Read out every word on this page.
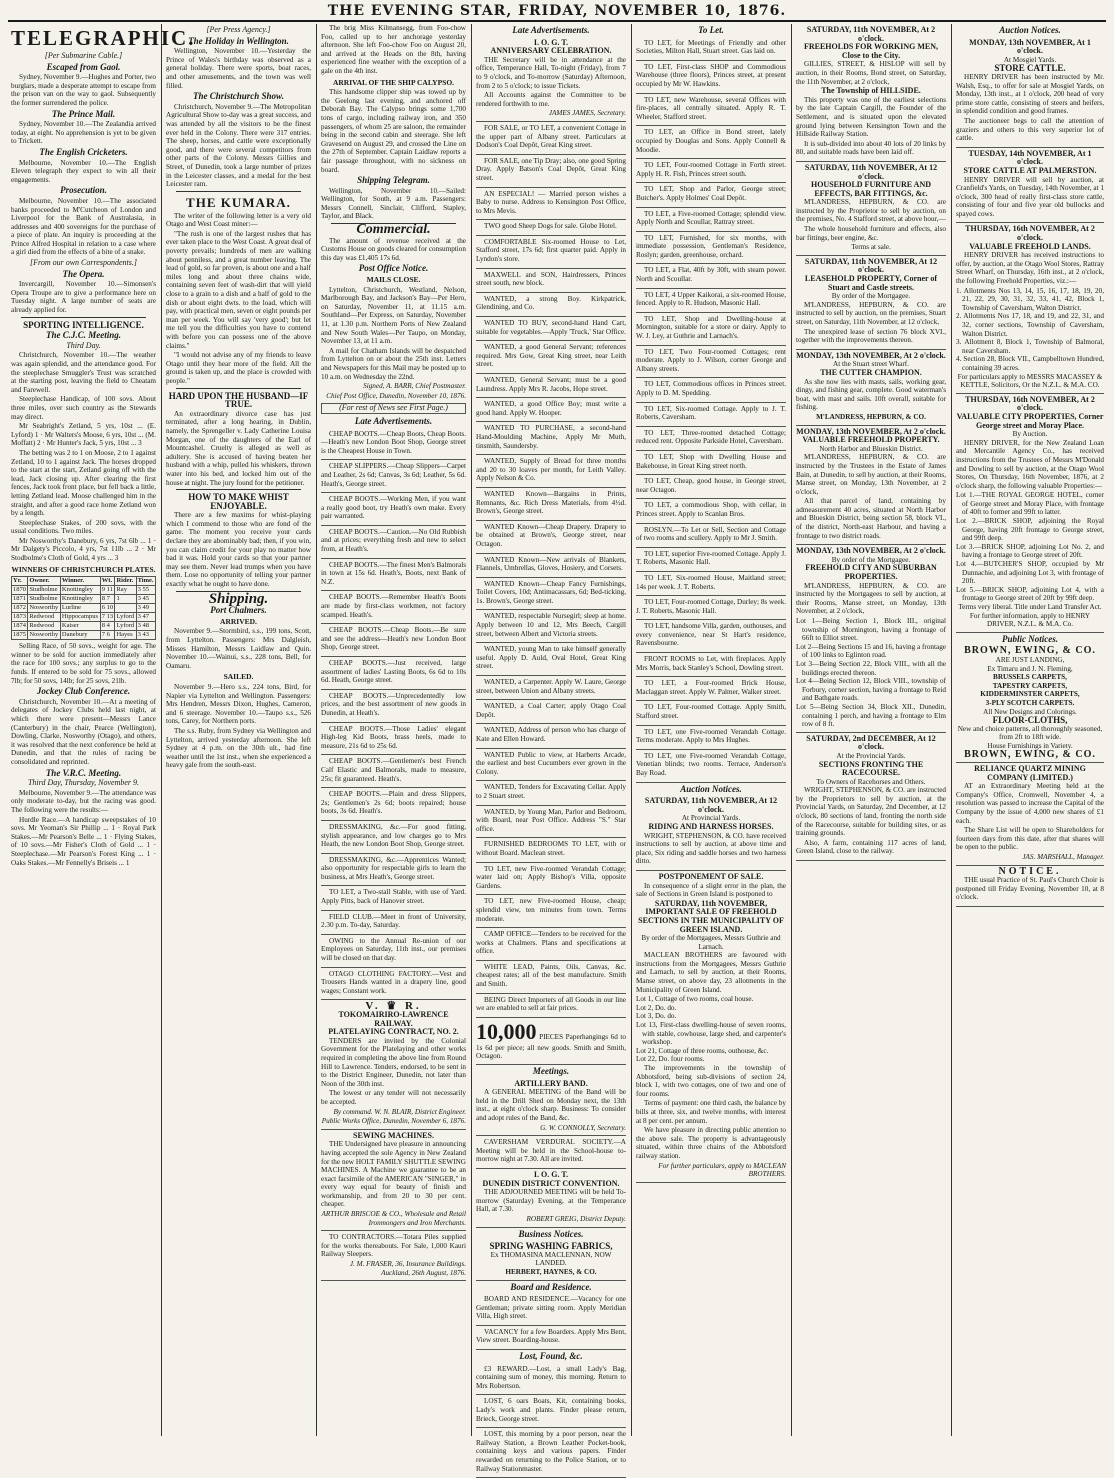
THE EVENING STAR, FRIDAY, NOVEMBER 10, 1876.
TELEGRAPHIC.
[Per Submarine Cable.]
Escaped from Gaol.

Sydney, November 9.—Hughes and Porter, two burglars, made a desperate attempt to escape from the prison van on the way to gaol. Subsequently the former surrendered the police.

The Prince Mail.

Sydney, November 10.—The Zealandia arrived today, at eight. No apprehension is yet to be given to Trickett.

The English Cricketers.

Melbourne, November 10.—The English Eleven telegraph they expect to win all their engagements.

Prosecution.

Melbourne, November 10.—The associated banks proceeded to M'Cutcheon of London and Liverpool for the Bank of Australasia, in addresses and 400 sovereigns for the purchase of a piece of plate. An inquiry is proceeding at the Prince Alfred Hospital in relation to a case where a girl died from the effects of a bite of a snake.

[From our own Correspondents.]
The Opera.

Invercargill, November 10.—Simonsen's Opera Troupe are to give a performance here on Tuesday night. A large number of seats are already applied for.

SPORTING INTELLIGENCE.
The C.J.C. Meeting.
Third Day.

Christchurch, November 10.—The weather was again splendid, and the attendance good. For the steeplechase Smuggler's Trust was scratched at the starting post, leaving the field to Cheatam and Farewell.

Steeplechase Handicap, of 100 sovs. About three miles, over such country as the Stewards may direct.

Mr Seabright's Zetland, 5 yrs, 10st ... (E. Lyford) 1 · Mr Walters's Moose, 6 yrs, 10st ... (M. Moffatt) 2 · Mr Hunter's Jack, 5 yrs, 10st ... 3

The betting was 2 to 1 on Moose, 2 to 1 against Zetland, 10 to 1 against Jack. The horses dropped to the start at the start, Zetland going off with the lead, Jack closing up. After clearing the first fences, Jack took front place, but fell back a little, letting Zetland lead. Moose challenged him in the straight, and after a good race home Zetland won by a length.

Steeplechase Stakes, of 200 sovs, with the usual conditions. Two miles.

Mr Nosworthy's Danebury, 6 yrs, 7st 6lb ... 1 · Mr Dalgety's Piccolo, 4 yrs, 7st 11lb ... 2 · Mr Stodbolme's Cloth of Gold, 4 yrs ... 3

WINNERS OF CHRISTCHURCH PLATES.
Yr.	Owner.	Winner.	Wt.	Rider.	Time.
1870	Studholme	Knottingley	9 11	Ray	3 55
1871	Studholme	Knottingley	8 7	1	3 45
1872	Nosworthy	Lurline	6 10		3 49
1873	Redwood	Hippocampus	7 13	Lyford	3 47
1874	Redwood	Kaiser	8 4	Lyford	3 48
1875	Nosworthy	Danebury	7 6	Hayes	3 43

Selling Race, of 50 sovs., weight for age. The winner to be sold for auction immediately after the race for 100 sovs.; any surplus to go to the funds. If entered to be sold for 75 sovs., allowed 7lb; for 50 sovs, 14lb; for 25 sovs, 21lb.

Jockey Club Conference.

Christchurch, November 10.—At a meeting of delegates of Jockey Clubs held last night, at which there were present—Messrs Lance (Canterbury) in the chair, Pearce (Wellington), Dowling, Clarke, Nosworthy (Otago), and others, it was resolved that the next conference be held at Dunedin, and that the rules of racing be consolidated and reprinted.

The V.R.C. Meeting.
Third Day, Thursday, November 9.

Melbourne, November 9.—The attendance was only moderate to-day, but the racing was good. The following were the results:—

Hurdle Race.—A handicap sweepstakes of 10 sovs. Mr Yeoman's Sir Phillip ... 1 · Royal Park Stakes.—Mr Pearson's Belle ... 1 · Flying Stakes, of 10 sovs.—Mr Fisher's Cloth of Gold ... 1 · Steeplechase.—Mr Pearson's Forest King ... 1 · Oaks Stakes.—Mr Fennelly's Briseis ... 1

[Per Press Agency.]
The Holiday in Wellington.

Wellington, November 10.—Yesterday the Prince of Wales's birthday was observed as a general holiday. There were sports, boat races, and other amusements, and the town was well filled.

The Christchurch Show.

Christchurch, November 9.—The Metropolitan Agricultural Show to-day was a great success, and was attended by all the visitors to be the finest ever held in the Colony. There were 317 entries. The sheep, horses, and cattle were exceptionally good, and there were several competitors from other parts of the Colony. Messrs Gillies and Street, of Dunedin, took a large number of prizes in the Leicester classes, and a medal for the best Leicester ram.

THE KUMARA.

The writer of the following letter is a very old Otago and West Coast miner:—

"The rush is one of the largest rushes that has ever taken place to the West Coast. A great deal of poverty prevails; hundreds of men are walking about penniless, and a great number leaving. The lead of gold, so far proven, is about one and a half miles long and about three chains wide, containing seven feet of wash-dirt that will yield close to a grain to a dish and a half of gold to the dish or about eight dwts. to the load, which will pay, with practical men, seven or eight pounds per man per week. You will say 'very good'; but let me tell you the difficulties you have to contend with before you can possess one of the above claims."

"I would not advise any of my friends to leave Otago until they hear more of the field. All the ground is taken up, and the place is crowded with people."

HARD UPON THE HUSBAND—IF TRUE.

An extraordinary divorce case has just terminated, after a long hearing, in Dublin, namely, the Sprengeller v. Lady Catherine Louisa Morgan, one of the daughters of the Earl of Mountcashel. Cruelty is alleged as well as adultery. She is accused of having beaten her husband with a whip, pulled his whiskers, thrown water into his bed, and locked him out of the house at night. The jury found for the petitioner.

HOW TO MAKE WHIST ENJOYABLE.

There are a few maxims for whist-playing which I commend to those who are fond of the game. The moment you receive your cards declare they are abominably bad; then, if you win, you can claim credit for your play no matter how bad it was. Hold your cards so that your partner may see them. Never lead trumps when you have them. Lose no opportunity of telling your partner exactly what he ought to have done.

Shipping.
Port Chalmers.
ARRIVED.

November 9.—Stormbird, s.s., 199 tons, Scott, from Lyttelton. Passengers: Mrs Dalgleish, Misses Hamilton, Messrs Laidlaw and Quin. November 10.—Wainui, s.s., 228 tons, Bell, for Oamaru.

SAILED.

November 9.—Hero s.s., 224 tons, Bird, for Napier via Lyttelton and Wellington. Passengers: Mrs Hendren, Messrs Dixon, Hughes, Cameron, and 6 steerage. November 10.—Taupo s.s., 526 tons, Carey, for Northern ports.

The s.s. Ruby, from Sydney via Wellington and Lyttelton, arrived yesterday afternoon. She left Sydney at 4 p.m. on the 30th ult., had fine weather until the 1st inst., when she experienced a heavy gale from the south-east.

The brig Miss Kilmansegg, from Foo-chow Foo, called up to her anchorage yesterday afternoon. She left Foo-chow Foo on August 20, and arrived at the Heads on the 8th, having experienced fine weather with the exception of a gale on the 4th inst.

ARRIVAL OF THE SHIP CALYPSO.

This handsome clipper ship was towed up by the Geelong last evening, and anchored off Deborah Bay. The Calypso brings some 1,700 tons of cargo, including railway iron, and 350 passengers, of whom 25 are saloon, the remainder being in the second cabin and steerage. She left Gravesend on August 29, and crossed the Line on the 27th of September. Captain Laidlaw reports a fair passage throughout, with no sickness on board.

Shipping Telegram.

Wellington, November 10.—Sailed: Wellington, for South, at 9 a.m. Passengers: Messrs Connell, Sinclair, Clifford, Stapley, Taylor, and Black.

Commercial.

The amount of revenue received at the Customs House on goods cleared for consumption this day was £1,405 17s 6d.

Post Office Notice.
MAILS CLOSE.

Lyttelton, Christchurch, Westland, Nelson, Marlborough Bay, and Jackson's Bay—Per Hero, on Saturday, November 11, at 11.15 a.m. Southland—Per Express, on Saturday, November 11, at 1.30 p.m. Northern Ports of New Zealand and New South Wales—Per Taupo, on Monday, November 13, at 11 a.m.

A mail for Chatham Islands will be despatched from Lyttelton on or about the 25th inst. Letters and Newspapers for this Mail may be posted up to 10 a.m. on Wednesday the 22nd.

Signed, A. BARR, Chief Postmaster.
Chief Post Office, Dunedin, November 10, 1876.
(For rest of News see First Page.)
Late Advertisements.

CHEAP BOOTS.—Cheap Boots, Cheap Boots.—Heath's new London Boot Shop, George street is the Cheapest House in Town.

CHEAP SLIPPERS.—Cheap Slippers—Carpet and Leather, 2s 6d; Canvas, 3s 6d; Leather, 5s 6d. Heath's, George street.

CHEAP BOOTS.—Working Men, if you want a really good boot, try Heath's own make. Every pair warranted.

CHEAP BOOTS.—Caution.—No Old Rubbish and at prices; everything fresh and new to select from, at Heath's.

CHEAP BOOTS.—The finest Men's Balmorals in town at 15s 6d. Heath's, Boots, next Bank of N.Z.

CHEAP BOOTS.—Remember Heath's Boots are made by first-class workmen, not factory scamped. Heath's.

CHEAP BOOTS.—Cheap Boots.—Be sure and see the address—Heath's new London Boot Shop, George street.

CHEAP BOOTS.—Just received, large assortment of ladies' Lasting Boots, 6s 6d to 10s 6d. Heath, George street.

CHEAP BOOTS.—Unprecedentedly low prices, and the best assortment of new goods in Dunedin, at Heath's.

CHEAP BOOTS.—Those Ladies' elegant High-leg Kid Boots, brass heels, made to measure, 21s 6d to 25s 6d.

CHEAP BOOTS.—Gentlemen's best French Calf Elastic and Balmorals, made to measure, 25s; fit guaranteed. Heath's.

CHEAP BOOTS.—Plain and dress Slippers, 2s; Gentlemen's 2s 6d; boots repaired; house boots, 3s 6d. Heath's.

DRESSMAKING, &c.—For good fitting, stylish appearance, and low charges go to Mrs Heath, the new London Boot Shop, George street.

DRESSMAKING, &c.—Apprentices Wanted; also opportunity for respectable girls to learn the business, at Mrs Heath's, George street.

TO LET, a Two-stall Stable, with use of Yard. Apply Pitts, back of Hanover street.

FIELD CLUB.—Meet in front of University, 2.30 p.m. To-day, Saturday.

OWING to the Annual Re-union of our Employees on Saturday, 11th inst., our premises will be closed on that day.

OTAGO CLOTHING FACTORY.—Vest and Trousers Hands wanted in a drapery line, good wages; Constant work.

V. ♛ R.
TOKOMAIRIRO-LAWRENCE RAILWAY.
PLATELAYING CONTRACT, NO. 2.

TENDERS are invited by the Colonial Government for the Platelaying and other works required in completing the above line from Round Hill to Lawrence. Tenders, endorsed, to be sent in to the District Engineer, Dunedin, not later than Noon of the 30th inst.

The lowest or any tender will not necessarily be accepted.

By command. W. N. BLAIR, District Engineer.
Public Works Office, Dunedin, November 6, 1876.
SEWING MACHINES.

THE Undersigned have pleasure in announcing having accepted the sole Agency in New Zealand for the new HOLT FAMILY SHUTTLE SEWING MACHINES. A Machine we guarantee to be an exact facsimile of the AMERICAN "SINGER," in every way equal for beauty of finish and workmanship, and from 20 to 30 per cent. cheaper.

ARTHUR BRISCOE & CO., Wholesale and Retail Ironmongers and Iron Merchants.

TO CONTRACTORS.—Totara Piles supplied for the works thereabouts. For Sale, 1,000 Kauri Railway Sleepers.

J. M. FRASER, 36, Insurance Buildings. Auckland, 26th August, 1876.
Late Advertisements.
I. O. G. T.
ANNIVERSARY CELEBRATION.

THE Secretary will be in attendance at the office, Temperance Hall, To-night (Friday), from 7 to 9 o'clock, and To-morrow (Saturday) Afternoon, from 2 to 5 o'clock; to issue Tickets.

All Accounts against the Committee to be rendered forthwith to me.

JAMES JAMES, Secretary.

FOR SALE, or TO LET, a convenient Cottage in the upper part of Albany street. Particulars at Dodson's Coal Depôt, Great King street.

FOR SALE, one Tip Dray; also, one good Spring Dray. Apply Batson's Coal Depôt, Great King street.

AN ESPECIAL! — Married person wishes a Baby to nurse. Address to Kensington Post Office, to Mrs Mevis.

TWO good Sheep Dogs for sale. Globe Hotel.

COMFORTABLE Six-roomed House to Let, Stafford street, 17s 6d; first quarter paid. Apply in Lyndon's store.

MAXWELL and SON, Hairdressers, Princes street south, new block.

WANTED, a strong Boy. Kirkpatrick, Glendining, and Co.

WANTED TO BUY, second-hand Hand Cart, suitable for vegetables.—Apply 'Truck,' Star Office.

WANTED, a good General Servant; references required. Mrs Gow, Great King street, near Leith street.

WANTED, General Servant; must be a good Laundress. Apply Mrs R. Jacobs, Hope street.

WANTED, a good Office Boy; must write a good hand. Apply W. Hooper.

WANTED TO PURCHASE, a second-hand Hand-Moulding Machine, Apply Mr Muth, tinsmith, Saundersby.

WANTED, Supply of Bread for three months and 20 to 30 loaves per month, for Leith Valley. Apply Nelson & Co.

WANTED Known—Bargains in Prints, Remnants, &c. Rich Dress Materials, from 4½d. Brown's, George street.

WANTED Known—Cheap Drapery. Drapery to be obtained at Brown's, George street, near Octagon.

WANTED Known—New arrivals of Blankets, Flannels, Umbrellas, Gloves, Hosiery, and Corsets.

WANTED Known—Cheap Fancy Furnishings, Toilet Covers, 10d; Antimacassars, 6d; Bed-ticking, 1s. Brown's, George street.

WANTED, respectable Nursegirl; sleep at home. Apply between 10 and 12, Mrs Beech, Cargill street, between Albert and Victoria streets.

WANTED, young Man to take himself generally useful. Apply D. Auld, Oval Hotel, Great King street.

WANTED, a Carpenter. Apply W. Laure, George street, between Union and Albany streets.

WANTED, a Coal Carter; apply Otago Coal Depôt.

WANTED, Address of person who has charge of Kate and Ellen Howard.

WANTED Public to view, at Harberts Arcade, the earliest and best Cucumbers ever grown in the Colony.

WANTED, Tenders for Excavating Cellar. Apply to 2 Stuart street.

WANTED, by Young Man, Parlor and Bedroom, with Board, near Post Office. Address "S." Star office.

FURNISHED BEDROOMS TO LET, with or without Board. Maclean street.

TO LET, new Five-roomed Verandah Cottage; water laid on; Apply Bishop's Villa, opposite Gardens.

TO LET, new Five-roomed House, cheap; splendid view, ten minutes from town. Terms moderate.

CAMP OFFICE—Tenders to be received for the works at Chalmers. Plans and specifications at office.

WHITE LEAD, Paints, Oils, Canvas, &c. cheapest rates; all of the best manufacture. Smith and Smith.

BEING Direct Importers of all Goods in our line we are enabled to sell at fair prices.

10,000 PIECES Paperhangings 6d to 1s 6d per piece; all new goods. Smith and Smith, Octagon.
Meetings.
ARTILLERY BAND.

A GENERAL MEETING of the Band will be held in the Drill Shed on Monday next, the 13th inst., at eight o'clock sharp. Business: To consider and adopt rules of the Band, &c.

G. W. CONNOLLY, Secretary.

CAVERSHAM VERDURAL SOCIETY.—A Meeting will be held in the School-house to-morrow night at 7.30. All are invited.

I. O. G. T.
DUNEDIN DISTRICT CONVENTION.

THE ADJOURNED MEETING will be held To-morrow (Saturday) Evening, at the Temperance Hall, at 7.30.

ROBERT GREIG, District Deputy.
Business Notices.
SPRING WASHING FABRICS,
Ex THOMASINA MACLENNAN, NOW LANDED.
HERBERT, HAYNES, & CO.
Board and Residence.

BOARD AND RESIDENCE.—Vacancy for one Gentleman; private sitting room. Apply Meridian Villa, High street.

VACANCY for a few Boarders. Apply Mrs Bent, View street. Boarding-house.

Lost, Found, &c.

£3 REWARD.—Lost, a small Lady's Bag, containing sum of money, this morning. Return to Mrs Robertson.

LOST, 6 oars Boats, Kit, containing books, Lady's work and plants. Finder please return, Brieck, George street.

LOST, this morning by a poor person, near the Railway Station, a Brown Leather Pocket-book, containing keys and various papers. Finder rewarded on returning to the Police Station, or to Railway Stationmaster.

To Let.

TO LET, for Meetings of Friendly and other Societies, Milton Hall, Stuart street. Gas laid on.

TO LET, First-class SHOP and Commodious Warehouse (three floors), Princes street, at present occupied by Mr W. Hawkins.

TO LET, new Warehouse, several Offices with fire-places, all centrally situated. Apply R. T. Wheeler, Stafford street.

TO LET, an Office in Bond street, lately occupied by Douglas and Sons. Apply Connell & Moodie.

TO LET, Four-roomed Cottage in Forth street. Apply H. R. Fish, Princes street south.

TO LET, Shop and Parlor, George street; Butcher's. Apply Holmes' Coal Depôt.

TO LET, a Five-roomed Cottage; splendid view. Apply North and Scoullar, Rattray street.

TO LET, Furnished, for six months, with immediate possession, Gentleman's Residence, Roslyn; garden, greenhouse, orchard.

TO LET, a Flat, 40ft by 30ft, with steam power. North and Scoullar.

TO LET, 4 Upper Kaikorai, a six-roomed House, fenced. Apply to R. Hudson, Masonic Hall.

TO LET, Shop and Dwelling-house at Mornington, suitable for a store or dairy. Apply to W. J. Ley, at Guthrie and Larnach's.

TO LET, Two Four-roomed Cottages; rent moderate. Apply to J. Wilson, corner George and Albany streets.

TO LET, Commodious offices in Princes street. Apply to D. M. Spedding.

TO LET, Six-roomed Cottage. Apply to J. T. Roberts, Caversham.

TO LET, Three-roomed detached Cottage; reduced rent. Opposite Parkside Hotel, Caversham.

TO LET, Shop with Dwelling House and Bakehouse, in Great King street north.

TO LET, Cheap, good house, in George street, near Octagon.

TO LET, a commodious Shop, with cellar, in Princes street. Apply to Scanlan Bros.

ROSLYN.—To Let or Sell, Section and Cottage of two rooms and scullery. Apply to Mr J. Smith.

TO LET, superior Five-roomed Cottage. Apply J. T. Roberts, Masonic Hall.

TO LET, Six-roomed House, Maitland street; 14s per week. J. T. Roberts.

TO LET, Four-roomed Cottage, Durley; 8s week. J. T. Roberts, Masonic Hall.

TO LET, handsome Villa, garden, outhouses, and every convenience, near St Hart's residence, Ravensbourne.

FRONT ROOMS to Let, with fireplaces. Apply Mrs Morris, back Stanley's School, Dowling street.

TO LET, a Four-roomed Brick House, Maclaggan street. Apply W. Palmer, Walker street.

TO LET, Four-roomed Cottage. Apply Smith, Stafford street.

TO LET, one Five-roomed Verandah Cottage. Terms moderate. Apply to Mrs Hughes.

TO LET, one Five-roomed Verandah Cottage, Venetian blinds; two rooms. Terrace, Anderson's Bay Road.

Auction Notices.
SATURDAY, 11th NOVEMBER, At 12 o'clock.
At Provincial Yards.
RIDING AND HARNESS HORSES.

WRIGHT, STEPHENSON, & CO. have received instructions to sell by auction, at above time and place, Six riding and saddle horses and two harness ditto.

POSTPONEMENT OF SALE.

In consequence of a slight error in the plan, the sale of Sections in Green Island is postponed to

SATURDAY, 11th NOVEMBER,
IMPORTANT SALE OF FREEHOLD SECTIONS IN THE MUNICIPALITY OF GREEN ISLAND.
By order of the Mortgagees, Messrs Guthrie and Larnach.

MACLEAN BROTHERS are favoured with instructions from the Mortgagees, Messrs Guthrie and Larnach, to sell by auction, at their Rooms, Manse street, on above day, 23 allotments in the Municipality of Green Island.

Lot 1, Cottage of two rooms, coal house.
Lot 2, Do. do.
Lot 3, Do. do.
Lot 13, First-class dwelling-house of seven rooms, with stable, cowhouse, large shed, and carpenter's workshop.
Lot 21, Cottage of three rooms, outhouse, &c.
Lot 22, Do. four rooms.

The improvements in the township of Abbotsford, being sub-divisions of section 24, block 1, with two cottages, one of two and one of four rooms.

Terms of payment: one third cash, the balance by bills at three, six, and twelve months, with interest at 8 per cent. per annum.

We have pleasure in directing public attention to the above sale. The property is advantageously situated, within three chains of the Abbotsford railway station.

For further particulars, apply to MACLEAN BROTHERS.
SATURDAY, 11th NOVEMBER, At 2 o'clock.
FREEHOLDS FOR WORKING MEN, Close to the City.

GILLIES, STREET, & HISLOP will sell by auction, in their Rooms, Bond street, on Saturday, the 11th November, at 2 o'clock,

The Township of HILLSIDE.

This property was one of the earliest selections by the late Captain Cargill, the Founder of the Settlement, and is situated upon the elevated ground lying between Kensington Town and the Hillside Railway Station.

It is sub-divided into about 40 lots of 20 links by 80, and suitable roads have been laid off.

SATURDAY, 11th NOVEMBER, At 12 o'clock.
HOUSEHOLD FURNITURE AND EFFECTS, BAR FITTINGS, &c.

M'LANDRESS, HEPBURN, & CO. are instructed by the Proprietor to sell by auction, on the premises, No. 4 Stafford street, at above hour,—

The whole household furniture and effects, also bar fittings, beer engine, &c.

Terms at sale.
SATURDAY, 11th NOVEMBER, At 12 o'clock.
LEASEHOLD PROPERTY, Corner of Stuart and Castle streets.
By order of the Mortgagee.

M'LANDRESS, HEPBURN, & CO. are instructed to sell by auction, on the premises, Stuart street, on Saturday, 11th November, at 12 o'clock,

The unexpired lease of section 76 block XVI., together with the improvements thereon.

MONDAY, 13th NOVEMBER, At 2 o'clock.
At the Stuart street Wharf.
THE CUTTER CHAMPION.

As she now lies with masts, sails, working gear, dingy, and fishing gear, complete. Good waterman's boat, with mast and sails. 10ft overall, suitable for fishing.

M'LANDRESS, HEPBURN, & CO.
MONDAY, 13th NOVEMBER, At 2 o'clock.
VALUABLE FREEHOLD PROPERTY.
North Harbor and Blueskin District.

M'LANDRESS, HEPBURN, & CO. are instructed by the Trustees in the Estate of James Bain, at Dunedin, to sell by auction, at their Rooms, Manse street, on Monday, 13th November, at 2 o'clock,

All that parcel of land, containing by admeasurement 40 acres, situated at North Harbor and Blueskin District, being section 58, block VI., of the district, North-east Harbour, and having a frontage to two district roads.

MONDAY, 13th NOVEMBER, At 2 o'clock.
By order of the Mortgagee.
FREEHOLD CITY AND SUBURBAN PROPERTIES.

M'LANDRESS, HEPBURN, & CO. are instructed by the Mortgagees to sell by auction, at their Rooms, Manse street, on Monday, 13th November, at 2 o'clock,

Lot 1—Being Section 1, Block III., original township of Mornington, having a frontage of 66ft to Elliot street.
Lot 2—Being Sections 15 and 16, having a frontage of 100 links to Eglinton road.
Lot 3—Being Section 22, Block VIII., with all the buildings erected thereon.
Lot 4—Being Section 12, Block VIII., township of Forbury, corner section, having a frontage to Reid and Bathgate roads.
Lot 5—Being Section 34, Block XII., Dunedin, containing 1 perch, and having a frontage to Elm row of 8 ft.
SATURDAY, 2nd DECEMBER, At 12 o'clock.
At the Provincial Yards.
SECTIONS FRONTING THE RACECOURSE.
To Owners of Racehorses and Others.

WRIGHT, STEPHENSON, & CO. are instructed by the Proprietors to sell by auction, at the Provincial Yards, on Saturday, 2nd December, at 12 o'clock, 80 sections of land, fronting the north side of the Racecourse, suitable for building sites, or as training grounds.

Also, A farm, containing 117 acres of land, Green Island, close to the railway.

Auction Notices.
MONDAY, 13th NOVEMBER, At 1 o'clock.
At Mosgiel Yards.
STORE CATTLE.

HENRY DRIVER has been instructed by Mr. Walsh, Esq., to offer for sale at Mosgiel Yards, on Monday, 13th inst., at 1 o'clock, 200 head of very prime store cattle, consisting of steers and heifers, in splendid condition and good frames.

The auctioneer begs to call the attention of graziers and others to this very superior lot of cattle.

TUESDAY, 14th NOVEMBER, At 1 o'clock.
STORE CATTLE AT PALMERSTON.

HENRY DRIVER will sell by auction, at Cranfield's Yards, on Tuesday, 14th November, at 1 o'clock, 300 head of really first-class store cattle, consisting of four and five year old bullocks and spayed cows.

THURSDAY, 16th NOVEMBER, At 2 o'clock.
VALUABLE FREEHOLD LANDS.

HENRY DRIVER has received instructions to offer, by auction, at the Otago Wool Stores, Rattray Street Wharf, on Thursday, 16th inst., at 2 o'clock, the following Freehold Properties, viz.:—

1. Allotments Nos 13, 14, 15, 16, 17, 18, 19, 20, 21, 22, 29, 30, 31, 32, 33, 41, 42, Block 1, Township of Caversham, Walton District.
2. Allotments Nos 17, 18, and 19, and 22, 31, and 32, corner sections, Township of Caversham, Walton District.
3. Allotment 8, Block 1, Township of Balmoral, near Caversham.
4. Section 28, Block VII., Campbelltown Hundred, containing 39 acres.
For particulars apply to MESSRS MACASSEY & KETTLE, Solicitors, Or the N.Z.L. & M.A. CO.
THURSDAY, 16th NOVEMBER, At 2 o'clock.
VALUABLE CITY PROPERTIES, Corner George street and Moray Place.
By Auction.

HENRY DRIVER, for the New Zealand Loan and Mercantile Agency Co., has received instructions from the Trustees of Messrs M'Donald and Dowling to sell by auction, at the Otago Wool Stores, On Thursday, 16th November, 1876, at 2 o'clock sharp, the following valuable Properties:—

Lot 1.—THE ROYAL GEORGE HOTEL, corner of George street and Moray Place, with frontage of 40ft to former and 99ft to latter.
Lot 2.—BRICK SHOP, adjoining the Royal George, having 20ft frontage to George street, and 99ft deep.
Lot 3.—BRICK SHOP, adjoining Lot No. 2, and having a frontage to George street of 20ft.
Lot 4.—BUTCHER'S SHOP, occupied by Mr Dunnachie, and adjoining Lot 3, with frontage of 20ft.
Lot 5.—BRICK SHOP, adjoining Lot 4, with a frontage to George street of 20ft by 99ft deep.
Terms very liberal. Title under Land Transfer Act.
For further information, apply to HENRY DRIVER, N.Z.L. & M.A. Co.
Public Notices.
BROWN, EWING, & CO.
ARE JUST LANDING,
Ex Timaru and J. N. Fleming,
BRUSSELS CARPETS,
TAPESTRY CARPETS,
KIDDERMINSTER CARPETS,
3-PLY SCOTCH CARPETS.
All New Designs and Colorings.
FLOOR-CLOTHS,
New and choice patterns, all thoroughly seasoned, from 2ft to 18ft wide.
House Furnishings in Variety.
BROWN, EWING, & CO.
RELIANCE QUARTZ MINING COMPANY (LIMITED.)

AT an Extraordinary Meeting held at the Company's Office, Cromwell, November 4, a resolution was passed to increase the Capital of the Company by the issue of 4,000 new shares of £1 each.

The Share List will be open to Shareholders for fourteen days from this date, after that shares will be open to the public.

JAS. MARSHALL, Manager.
NOTICE.

THE usual Practice of St. Paul's Church Choir is postponed till Friday Evening, November 10, at 8 o'clock.
